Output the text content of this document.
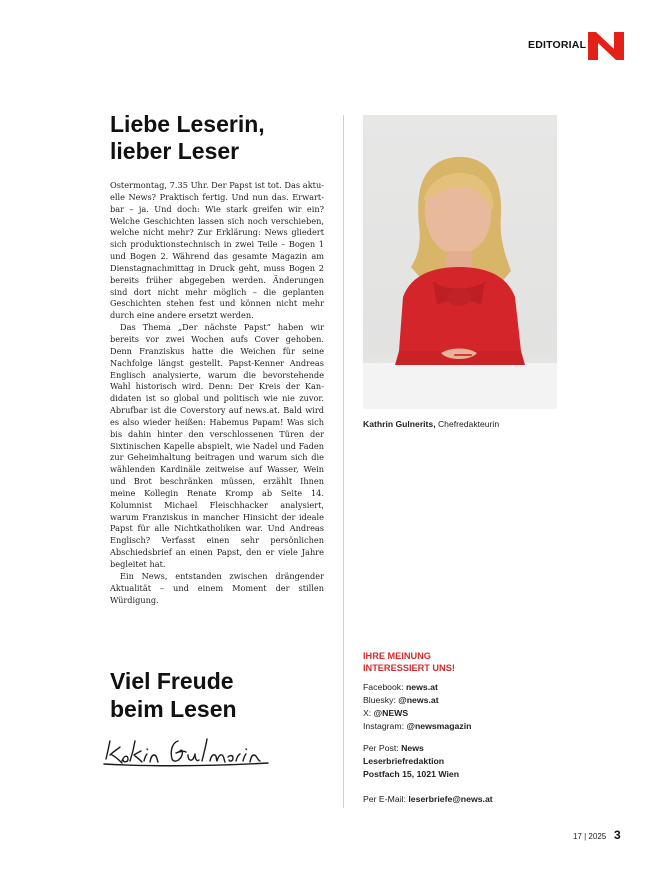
EDITORIAL
Liebe Leserin,
lieber Leser

Ostermontag, 7.35 Uhr. Der Papst ist tot. Das aktuelle News? Praktisch fertig. Und nun das. Erwartbar – ja. Und doch: Wie stark greifen wir ein? Welche Geschichten lassen sich noch verschieben, welche nicht mehr? Zur Erklärung: News gliedert sich produktionstechnisch in zwei Teile – Bogen 1 und Bogen 2. Während das gesamte Magazin am Dienstagnachmittag in Druck geht, muss Bogen 2 bereits früher abgegeben werden. Änderungen sind dort nicht mehr möglich – die geplanten Geschichten stehen fest und können nicht mehr durch eine andere ersetzt werden.

Das Thema „Der nächste Papst“ haben wir bereits vor zwei Wochen aufs Cover gehoben. Denn Franziskus hatte die Weichen für seine Nachfolge längst gestellt. Papst-Kenner Andreas Englisch analysierte, warum die bevorstehende Wahl historisch wird. Denn: Der Kreis der Kandidaten ist so global und politisch wie nie zuvor. Abrufbar ist die Coverstory auf news.at. Bald wird es also wieder heißen: Habemus Papam! Was sich bis dahin hinter den verschlossenen Türen der Sixtinischen Kapelle abspielt, wie Nadel und Faden zur Geheimhaltung beitragen und warum sich die wählenden Kardinäle zeitweise auf Wasser, Wein und Brot beschränken müssen, erzählt Ihnen meine Kollegin Renate Kromp ab Seite 14. Kolumnist Michael Fleischhacker analysiert, warum Franziskus in mancher Hinsicht der ideale Papst für alle Nichtkatholiken war. Und Andreas Englisch? Verfasst einen sehr persönlichen Abschiedsbrief an einen Papst, den er viele Jahre begleitet hat.

Ein News, entstanden zwischen drängender Aktualität – und einem Moment der stillen Würdigung.

Viel Freude
beim Lesen
Kathrin Gulnerits, Chefredakteurin
IHRE MEINUNG
INTERESSIERT UNS!
Facebook: news.at
Bluesky: @news.at
X: @NEWS
Instagram: @newsmagazin
Per Post: News
Leserbriefredaktion
Postfach 15, 1021 Wien
Per E-Mail: leserbriefe@news.at
17 | 2025 3
